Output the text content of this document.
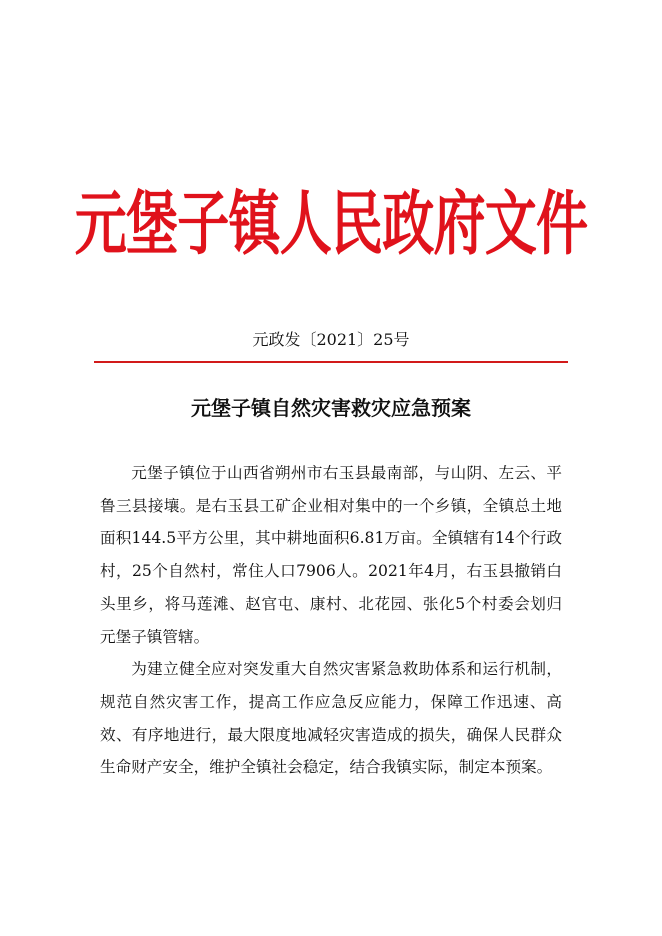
元堡子镇人民政府文件
元政发〔2021〕25号
元堡子镇自然灾害救灾应急预案

元堡子镇位于山西省朔州市右玉县最南部，与山阴、左云、平鲁三县接壤。是右玉县工矿企业相对集中的一个乡镇，全镇总土地面积144.5平方公里，其中耕地面积6.81万亩。全镇辖有14个行政村，25个自然村，常住人口7906人。2021年4月，右玉县撤销白头里乡，将马莲滩、赵官屯、康村、北花园、张化5个村委会划归元堡子镇管辖。

为建立健全应对突发重大自然灾害紧急救助体系和运行机制，规范自然灾害工作，提高工作应急反应能力，保障工作迅速、高效、有序地进行，最大限度地减轻灾害造成的损失，确保人民群众生命财产安全，维护全镇社会稳定，结合我镇实际，制定本预案。
